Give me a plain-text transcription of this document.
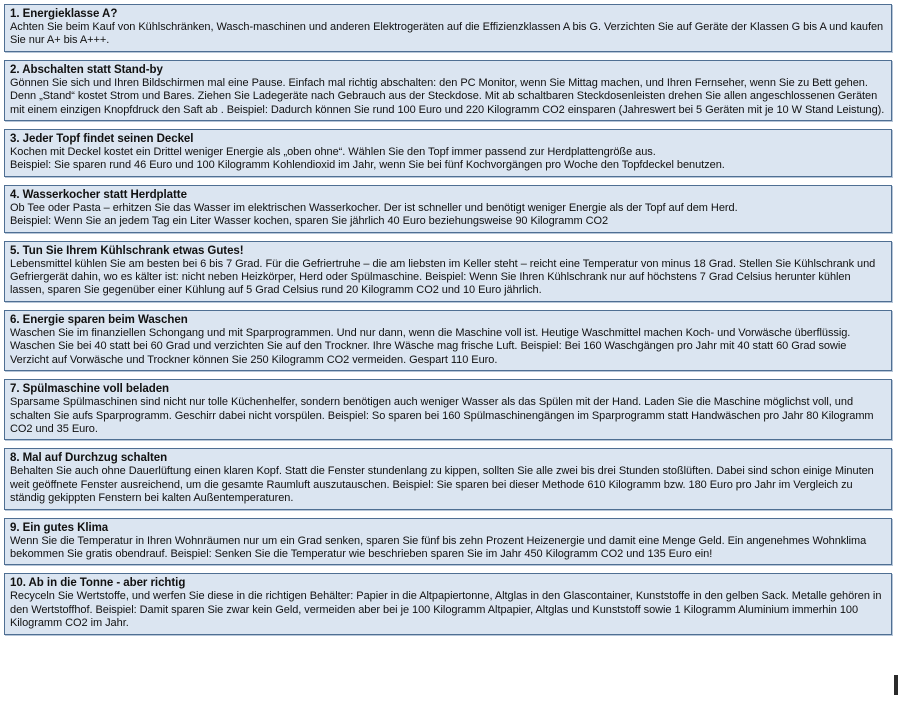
1. Energieklasse A?
Achten Sie beim Kauf von Kühlschränken, Wasch-maschinen und anderen Elektrogeräten auf die Effizienzklassen A bis G. Verzichten Sie auf Geräte der Klassen G bis A und kaufen Sie nur A+ bis A+++.
2. Abschalten statt Stand-by
Gönnen Sie sich und Ihren Bildschirmen mal eine Pause. Einfach mal richtig abschalten: den PC Monitor, wenn Sie Mittag machen, und Ihren Fernseher, wenn Sie zu Bett gehen. Denn „Stand“ kostet Strom und Bares. Ziehen Sie Ladegeräte nach Gebrauch aus der Steckdose. Mit ab schaltbaren Steckdosenleisten drehen Sie allen angeschlossenen Geräten mit einem einzigen Knopfdruck den Saft ab . Beispiel: Dadurch können Sie rund 100 Euro und 220 Kilogramm CO2 einsparen (Jahreswert bei 5 Geräten mit je 10 W Stand Leistung).
3. Jeder Topf findet seinen Deckel
Kochen mit Deckel kostet ein Drittel weniger Energie als „oben ohne“. Wählen Sie den Topf immer passend zur Herdplattengröße aus.
Beispiel: Sie sparen rund 46 Euro und 100 Kilogramm Kohlendioxid im Jahr, wenn Sie bei fünf Kochvorgängen pro Woche den Topfdeckel benutzen.
4. Wasserkocher statt Herdplatte
Ob Tee oder Pasta – erhitzen Sie das Wasser im elektrischen Wasserkocher. Der ist schneller und benötigt weniger Energie als der Topf auf dem Herd.
Beispiel: Wenn Sie an jedem Tag ein Liter Wasser kochen, sparen Sie jährlich 40 Euro beziehungsweise 90 Kilogramm CO2
5. Tun Sie Ihrem Kühlschrank etwas Gutes!
Lebensmittel kühlen Sie am besten bei 6 bis 7 Grad. Für die Gefriertruhe – die am liebsten im Keller steht – reicht eine Temperatur von minus 18 Grad. Stellen Sie Kühlschrank und Gefriergerät dahin, wo es kälter ist: nicht neben Heizkörper, Herd oder Spülmaschine. Beispiel: Wenn Sie Ihren Kühlschrank nur auf höchstens 7 Grad Celsius herunter kühlen lassen, sparen Sie gegenüber einer Kühlung auf 5 Grad Celsius rund 20 Kilogramm CO2 und 10 Euro jährlich.
6. Energie sparen beim Waschen
Waschen Sie im finanziellen Schongang und mit Sparprogrammen. Und nur dann, wenn die Maschine voll ist. Heutige Waschmittel machen Koch- und Vorwäsche überflüssig. Waschen Sie bei 40 statt bei 60 Grad und verzichten Sie auf den Trockner. Ihre Wäsche mag frische Luft. Beispiel: Bei 160 Waschgängen pro Jahr mit 40 statt 60 Grad sowie Verzicht auf Vorwäsche und Trockner können Sie 250 Kilogramm CO2 vermeiden. Gespart 110 Euro.
7. Spülmaschine voll beladen
Sparsame Spülmaschinen sind nicht nur tolle Küchenhelfer, sondern benötigen auch weniger Wasser als das Spülen mit der Hand. Laden Sie die Maschine möglichst voll, und schalten Sie aufs Sparprogramm. Geschirr dabei nicht vorspülen. Beispiel: So sparen bei 160 Spülmaschinengängen im Sparprogramm statt Handwäschen pro Jahr 80 Kilogramm CO2 und 35 Euro.
8. Mal auf Durchzug schalten
Behalten Sie auch ohne Dauerlüftung einen klaren Kopf. Statt die Fenster stundenlang zu kippen, sollten Sie alle zwei bis drei Stunden stoßlüften. Dabei sind schon einige Minuten weit geöffnete Fenster ausreichend, um die gesamte Raumluft auszutauschen. Beispiel: Sie sparen bei dieser Methode 610 Kilogramm bzw. 180 Euro pro Jahr im Vergleich zu ständig gekippten Fenstern bei kalten Außentemperaturen.
9. Ein gutes Klima
Wenn Sie die Temperatur in Ihren Wohnräumen nur um ein Grad senken, sparen Sie fünf bis zehn Prozent Heizenergie und damit eine Menge Geld. Ein angenehmes Wohnklima bekommen Sie gratis obendrauf. Beispiel: Senken Sie die Temperatur wie beschrieben sparen Sie im Jahr 450 Kilogramm CO2 und 135 Euro ein!
10. Ab in die Tonne - aber richtig
Recyceln Sie Wertstoffe, und werfen Sie diese in die richtigen Behälter: Papier in die Altpapiertonne, Altglas in den Glascontainer, Kunststoffe in den gelben Sack. Metalle gehören in den Wertstoffhof. Beispiel: Damit sparen Sie zwar kein Geld, vermeiden aber bei je 100 Kilogramm Altpapier, Altglas und Kunststoff sowie 1 Kilogramm Aluminium immerhin 100 Kilogramm CO2 im Jahr.
